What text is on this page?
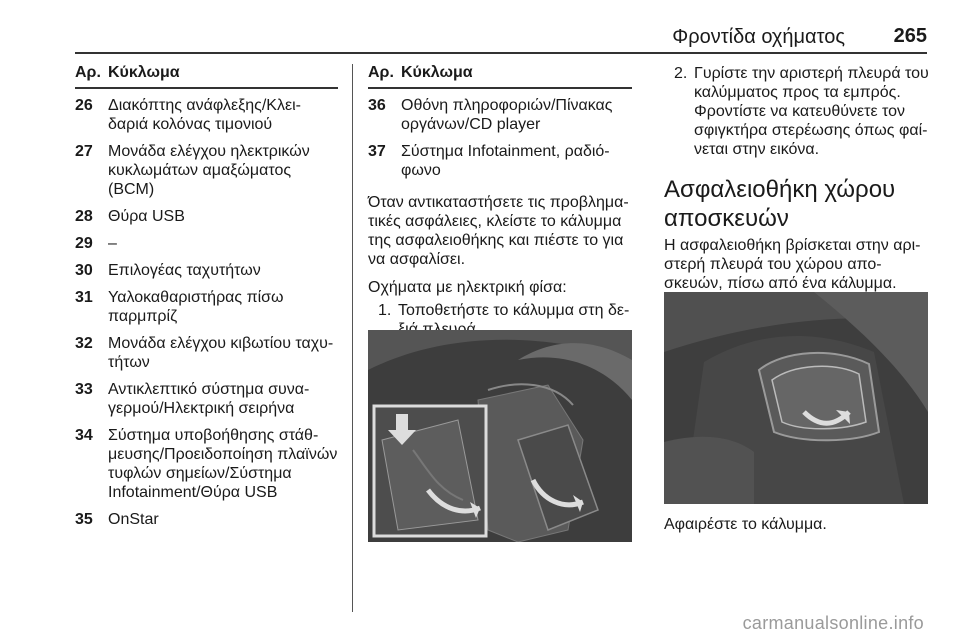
Φροντίδα οχήματος 265
Αρ. Κύκλωμα
26 Διακόπτης ανάφλεξης/Κλει-δαριά κολόνας τιμονιού
27 Μονάδα ελέγχου ηλεκτρικών κυκλωμάτων αμαξώματος (BCM)
28 Θύρα USB
29 –
30 Επιλογέας ταχυτήτων
31 Υαλοκαθαριστήρας πίσω παρμπρίζ
32 Μονάδα ελέγχου κιβωτίου ταχυ-τήτων
33 Αντικλεπτικό σύστημα συνα-γερμού/Ηλεκτρική σειρήνα
34 Σύστημα υποβοήθησης στάθ-μευσης/Προειδοποίηση πλαϊνών τυφλών σημείων/Σύστημα Infotainment/Θύρα USB
35 OnStar
Αρ. Κύκλωμα
36 Οθόνη πληροφοριών/Πίνακας οργάνων/CD player
37 Σύστημα Infotainment, ραδιό-φωνο
Όταν αντικαταστήσετε τις προβλημα-τικές ασφάλειες, κλείστε το κάλυμμα της ασφαλειοθήκης και πιέστε το για να ασφαλίσει.
Οχήματα με ηλεκτρική φίσα:
1. Τοποθετήστε το κάλυμμα στη δε-
2. Γυρίστε την αριστερή πλευρά του καλύμματος προς τα εμπρός. Φροντίστε να κατευθύνετε τον σφιγκτήρα στερέωσης όπως φαί-νεται στην εικόνα.
Ασφαλειοθήκη χώρου αποσκευών
Η ασφαλειοθήκη βρίσκεται στην αρι-στερή πλευρά του χώρου απο-σκευών, πίσω από ένα κάλυμμα.
Αφαιρέστε το κάλυμμα.
carmanualsonline.info
